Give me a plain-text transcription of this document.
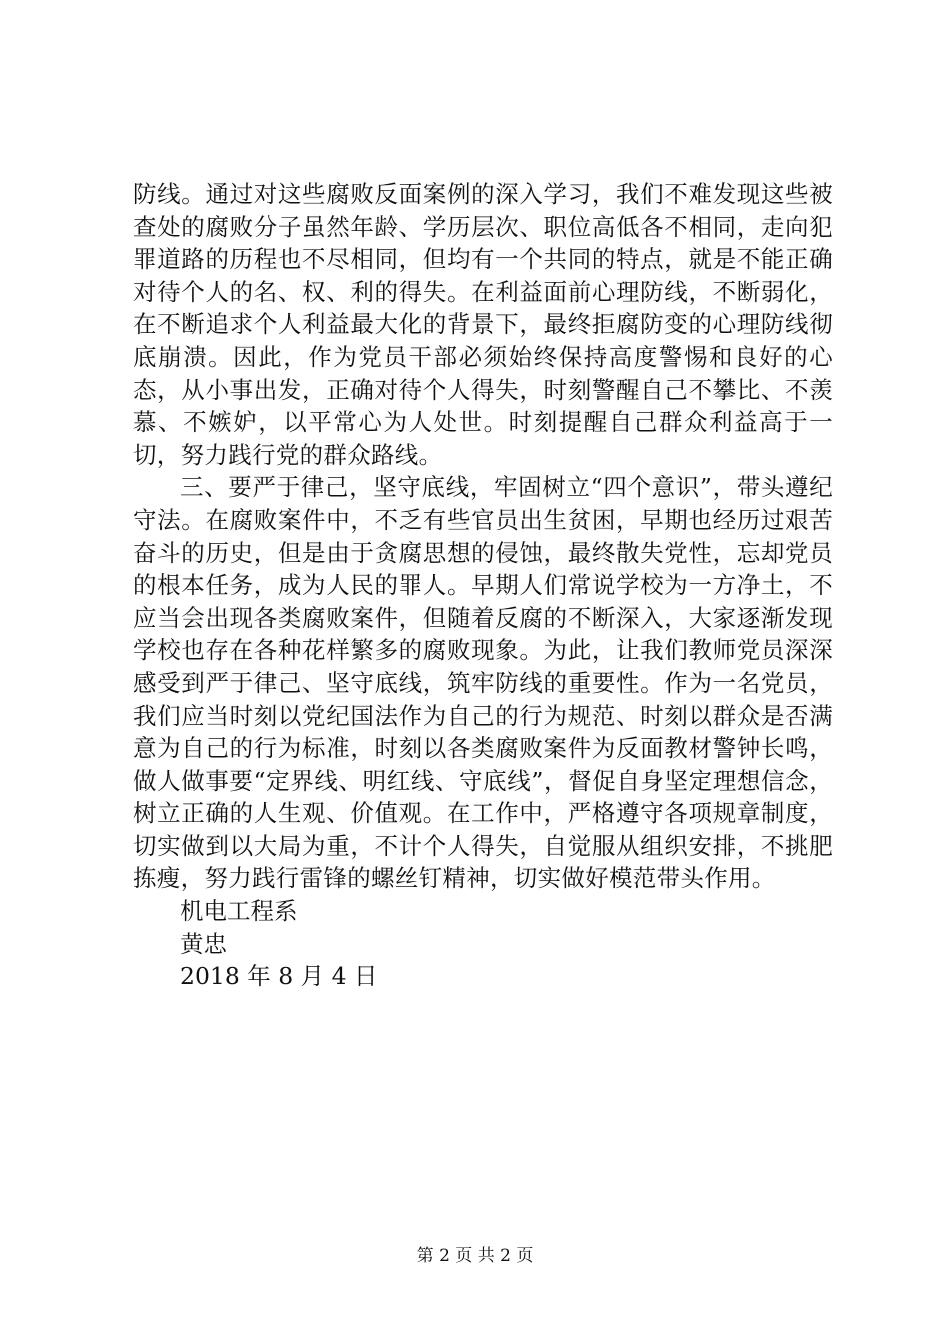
防线。通过对这些腐败反面案例的深入学习，我们不难发现这些被查处的腐败分子虽然年龄、学历层次、职位高低各不相同，走向犯罪道路的历程也不尽相同，但均有一个共同的特点，就是不能正确对待个人的名、权、利的得失。在利益面前心理防线，不断弱化，在不断追求个人利益最大化的背景下，最终拒腐防变的心理防线彻底崩溃。因此，作为党员干部必须始终保持高度警惕和良好的心态，从小事出发，正确对待个人得失，时刻警醒自己不攀比、不羡慕、不嫉妒，以平常心为人处世。时刻提醒自己群众利益高于一切，努力践行党的群众路线。

三、要严于律己，坚守底线，牢固树立“四个意识”，带头遵纪守法。在腐败案件中，不乏有些官员出生贫困，早期也经历过艰苦奋斗的历史，但是由于贪腐思想的侵蚀，最终散失党性，忘却党员的根本任务，成为人民的罪人。早期人们常说学校为一方净土，不应当会出现各类腐败案件，但随着反腐的不断深入，大家逐渐发现学校也存在各种花样繁多的腐败现象。为此，让我们教师党员深深感受到严于律己、坚守底线，筑牢防线的重要性。作为一名党员，我们应当时刻以党纪国法作为自己的行为规范、时刻以群众是否满意为自己的行为标准，时刻以各类腐败案件为反面教材警钟长鸣，做人做事要“定界线、明红线、守底线”，督促自身坚定理想信念，树立正确的人生观、价值观。在工作中，严格遵守各项规章制度，切实做到以大局为重，不计个人得失，自觉服从组织安排，不挑肥拣瘦，努力践行雷锋的螺丝钉精神，切实做好模范带头作用。

机电工程系

黄忠

2018 年 8 月 4 日

第 2 页 共 2 页
